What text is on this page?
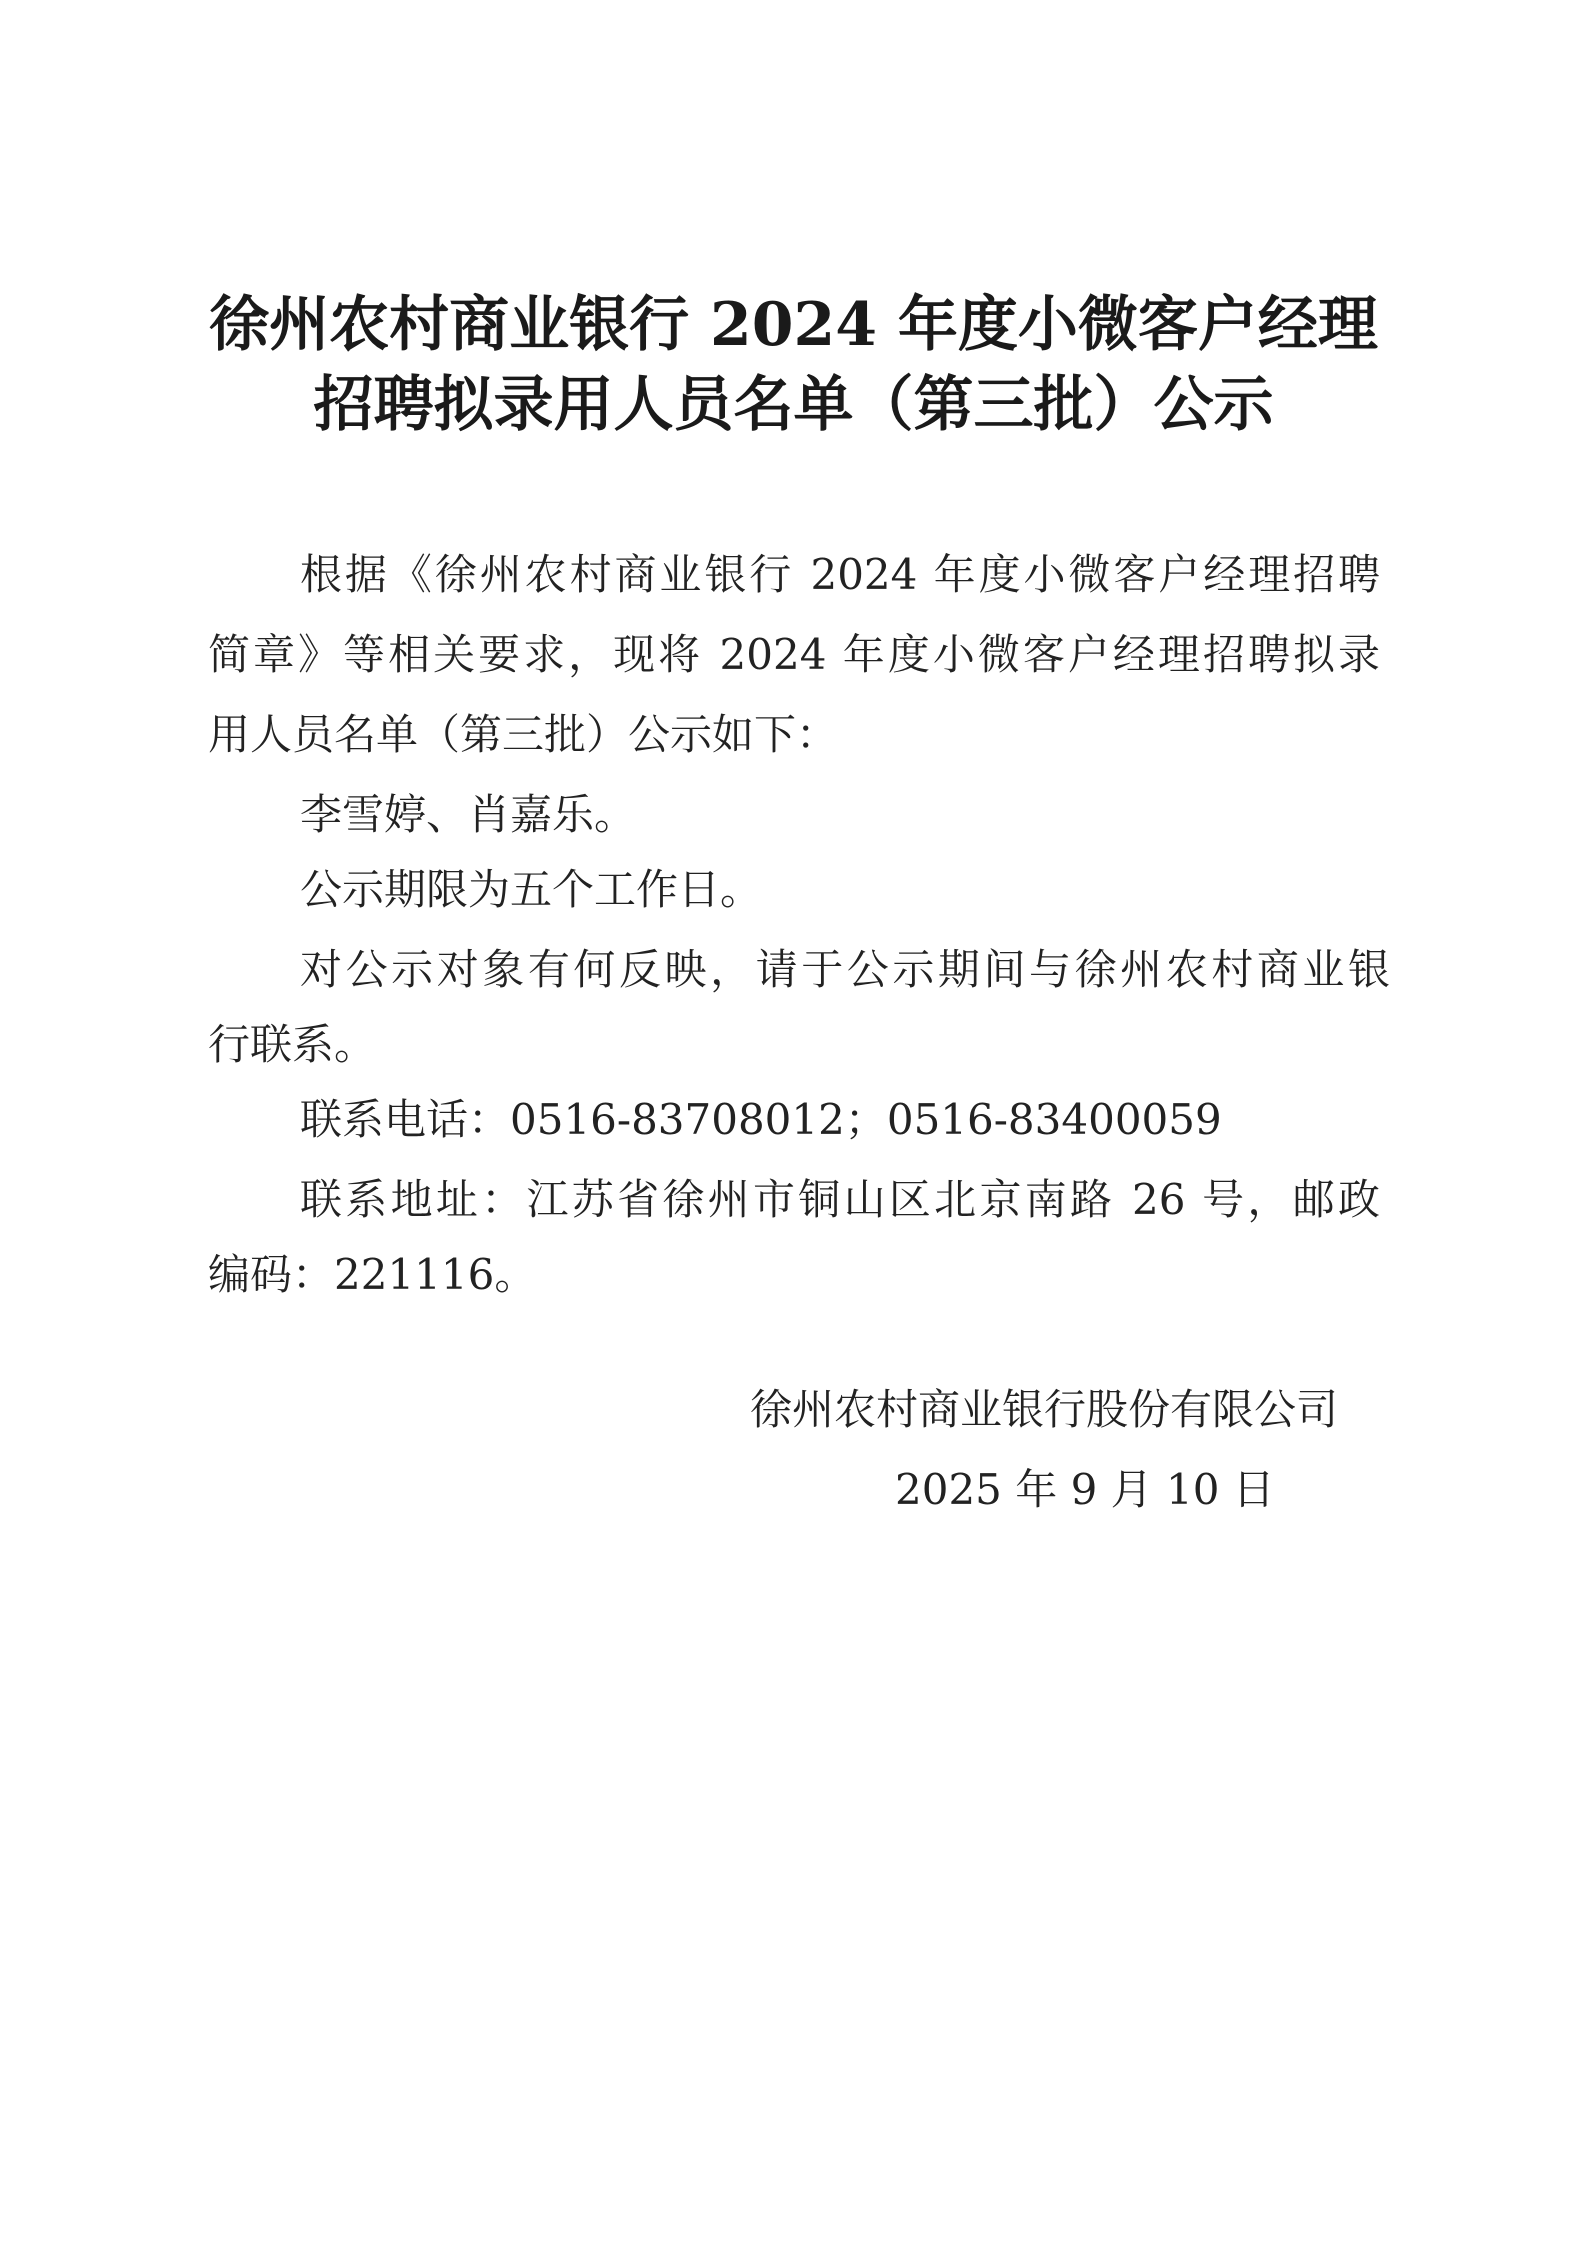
徐州农村商业银行 2024 年度小微客户经理
招聘拟录用人员名单（第三批）公示
根据《徐州农村商业银行 2024 年度小微客户经理招聘
简章》等相关要求，现将 2024 年度小微客户经理招聘拟录
用人员名单（第三批）公示如下：
李雪婷、肖嘉乐。
公示期限为五个工作日。
对公示对象有何反映，请于公示期间与徐州农村商业银
行联系。
联系电话：0516-83708012；0516-83400059
联系地址：江苏省徐州市铜山区北京南路 26 号，邮政
编码：221116。
徐州农村商业银行股份有限公司
2025 年 9 月 10 日
